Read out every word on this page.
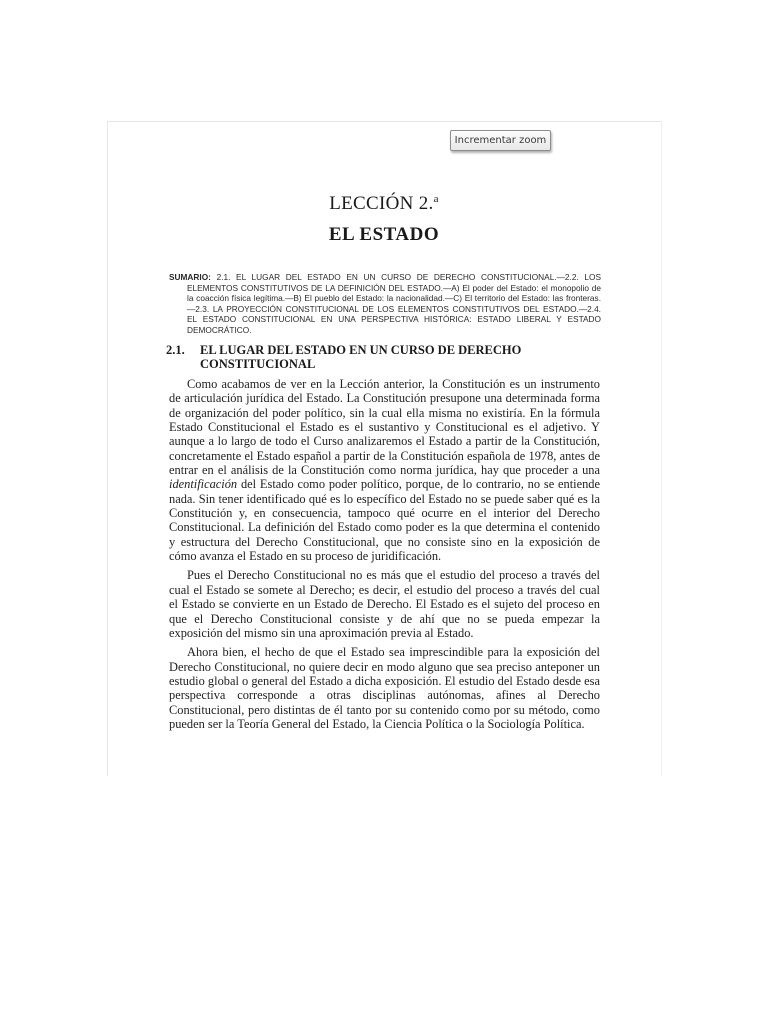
Incrementar zoom
LECCIÓN 2.$^a$
EL ESTADO

SUMARIO: 2.1. EL LUGAR DEL ESTADO EN UN CURSO DE DERECHO CONSTITUCIONAL.—2.2. LOS ELEMENTOS CONSTITUTIVOS DE LA DEFINICIÓN DEL ESTADO.—A) El poder del Estado: el monopolio de la coacción física legítima.—B) El pueblo del Estado: la nacionalidad.—C) El territorio del Estado: las fronteras.—2.3. LA PROYECCIÓN CONSTITUCIONAL DE LOS ELEMENTOS CONSTITUTIVOS DEL ESTADO.—2.4. EL ESTADO CONSTITUCIONAL EN UNA PERSPECTIVA HISTÓRICA: ESTADO LIBERAL Y ESTADO DEMOCRÁTICO.

2.1. EL LUGAR DEL ESTADO EN UN CURSO DE DERECHO CONSTITUCIONAL

Como acabamos de ver en la Lección anterior, la Constitución es un instrumento de articulación jurídica del Estado. La Constitución presupone una determinada forma de organización del poder político, sin la cual ella misma no existiría. En la fórmula Estado Constitucional el Estado es el sustantivo y Constitucional es el adjetivo. Y aunque a lo largo de todo el Curso analizaremos el Estado a partir de la Constitución, concretamente el Estado español a partir de la Constitución española de 1978, antes de entrar en el análisis de la Constitución como norma jurídica, hay que proceder a una identificación del Estado como poder político, porque, de lo contrario, no se entiende nada. Sin tener identificado qué es lo específico del Estado no se puede saber qué es la Constitución y, en consecuencia, tampoco qué ocurre en el interior del Derecho Constitucional. La definición del Estado como poder es la que determina el contenido y estructura del Derecho Constitucional, que no consiste sino en la exposición de cómo avanza el Estado en su proceso de juridificación.

Pues el Derecho Constitucional no es más que el estudio del proceso a través del cual el Estado se somete al Derecho; es decir, el estudio del proceso a través del cual el Estado se convierte en un Estado de Derecho. El Estado es el sujeto del proceso en que el Derecho Constitucional consiste y de ahí que no se pueda empezar la exposición del mismo sin una aproximación previa al Estado.

Ahora bien, el hecho de que el Estado sea imprescindible para la exposición del Derecho Constitucional, no quiere decir en modo alguno que sea preciso anteponer un estudio global o general del Estado a dicha exposición. El estudio del Estado desde esa perspectiva corresponde a otras disciplinas autónomas, afines al Derecho Constitucional, pero distintas de él tanto por su contenido como por su método, como pueden ser la Teoría General del Estado, la Ciencia Política o la Sociología Política.
